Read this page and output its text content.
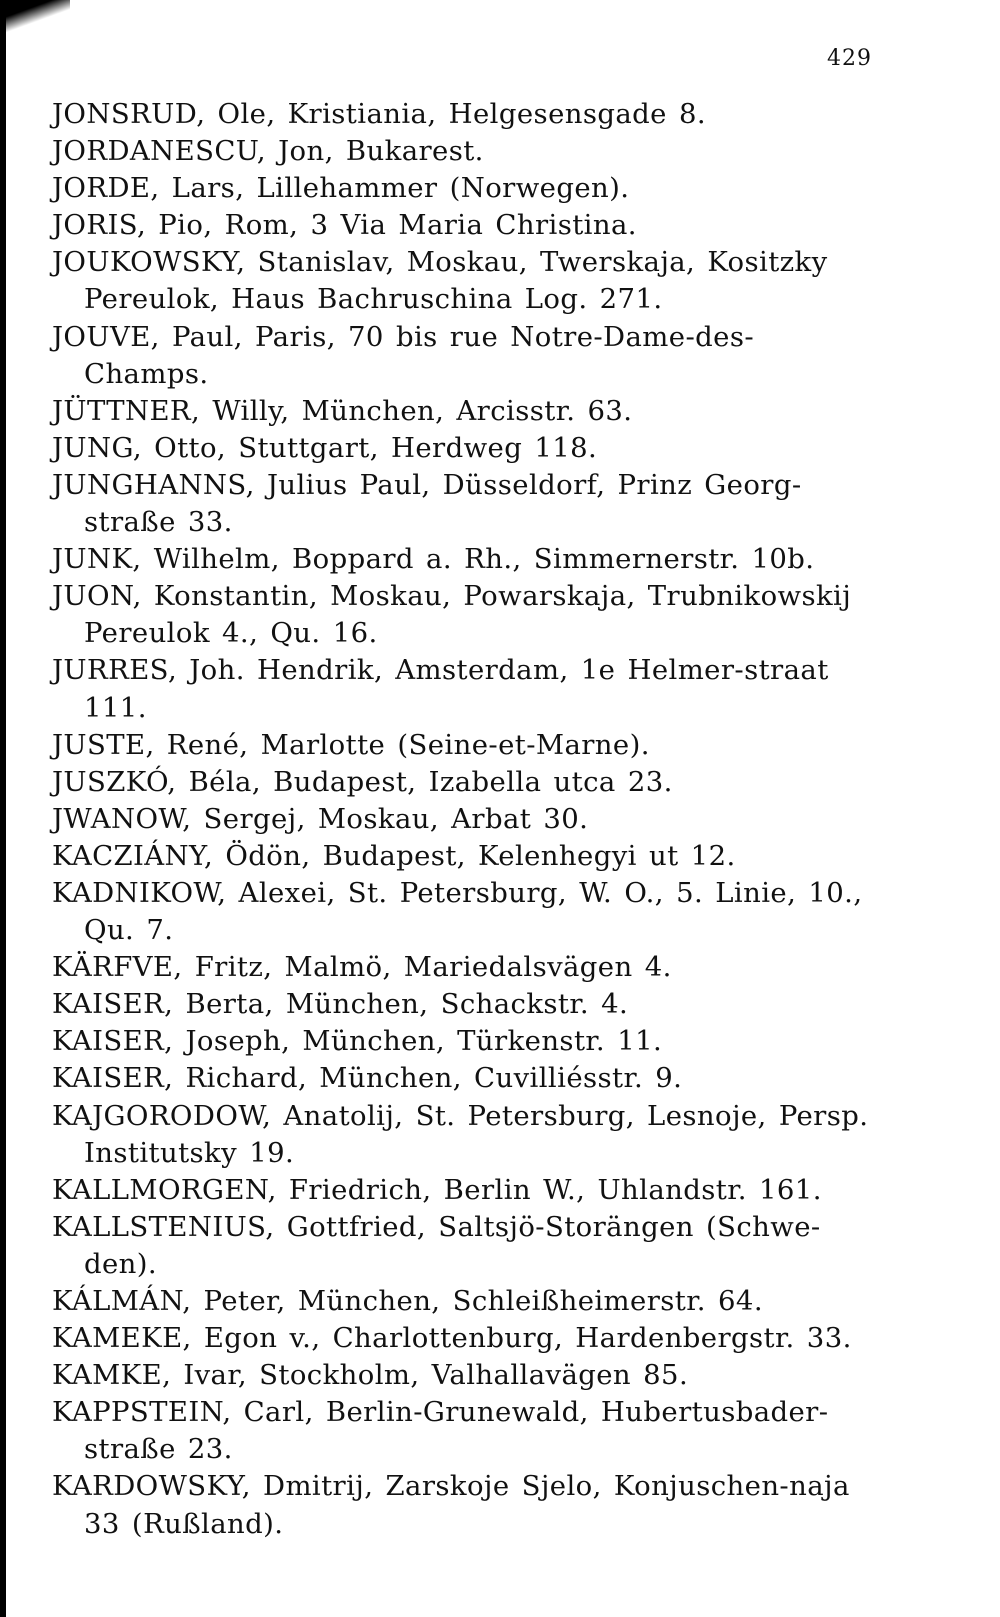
429
JONSRUD, Ole, Kristiania, Helgesensgade 8.
JORDANESCU, Jon, Bukarest.
JORDE, Lars, Lillehammer (Norwegen).
JORIS, Pio, Rom, 3 Via Maria Christina.
JOUKOWSKY, Stanislav, Moskau, Twerskaja, Kositzky Pereulok, Haus Bachruschina Log. 271.
JOUVE, Paul, Paris, 70 bis rue Notre-Dame-des-Champs.
JÜTTNER, Willy, München, Arcisstr. 63.
JUNG, Otto, Stuttgart, Herdweg 118.
JUNGHANNS, Julius Paul, Düsseldorf, Prinz Georg-straße 33.
JUNK, Wilhelm, Boppard a. Rh., Simmernerstr. 10b.
JUON, Konstantin, Moskau, Powarskaja, Trubnikowskij Pereulok 4., Qu. 16.
JURRES, Joh. Hendrik, Amsterdam, 1e Helmer-straat 111.
JUSTE, René, Marlotte (Seine-et-Marne).
JUSZKÓ, Béla, Budapest, Izabella utca 23.
JWANOW, Sergej, Moskau, Arbat 30.
KACZIÁNY, Ödön, Budapest, Kelenhegyi ut 12.
KADNIKOW, Alexei, St. Petersburg, W. O., 5. Linie, 10., Qu. 7.
KÄRFVE, Fritz, Malmö, Mariedalsvägen 4.
KAISER, Berta, München, Schackstr. 4.
KAISER, Joseph, München, Türkenstr. 11.
KAISER, Richard, München, Cuvilliésstr. 9.
KAJGORODOW, Anatolij, St. Petersburg, Lesnoje, Persp. Institutsky 19.
KALLMORGEN, Friedrich, Berlin W., Uhlandstr. 161.
KALLSTENIUS, Gottfried, Saltsjö-Storängen (Schwe-den).
KÁLMÁN, Peter, München, Schleißheimerstr. 64.
KAMEKE, Egon v., Charlottenburg, Hardenbergstr. 33.
KAMKE, Ivar, Stockholm, Valhallavägen 85.
KAPPSTEIN, Carl, Berlin-Grunewald, Hubertusbader-straße 23.
KARDOWSKY, Dmitrij, Zarskoje Sjelo, Konjuschen-naja 33 (Rußland).
